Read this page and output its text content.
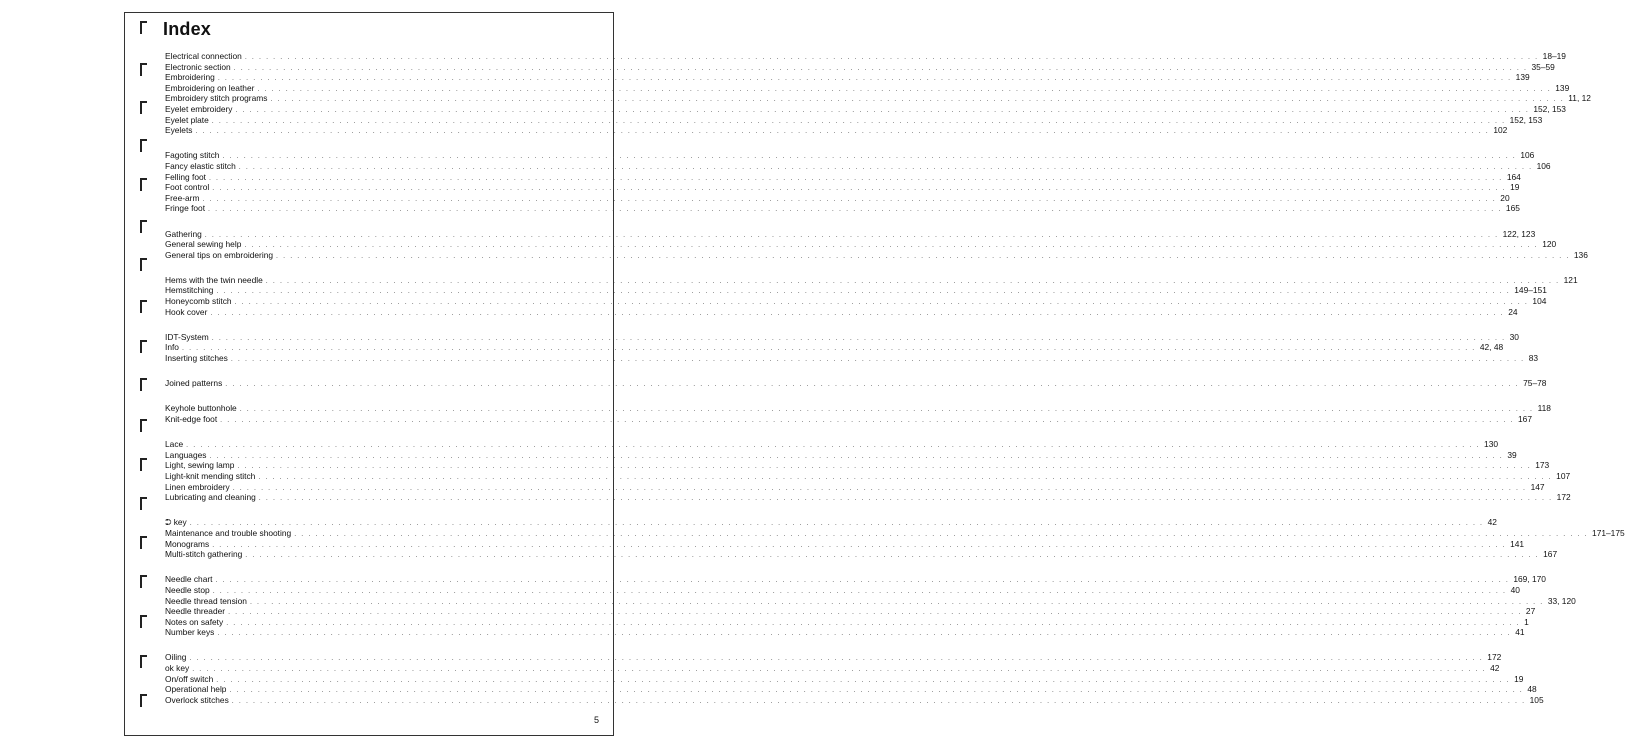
Index
Electrical connection . . . . . . . . . . . . . . . . . . . . . . . . . . . . . . . . . . . . . . . . . . . . . . . . . . . . . . . . . . . . . . . . . . . . . . . . . . . . . . . . . . . . . . . . . . . . . . . . . . . . . . . . . . . . . . . . . . . . . . . . . . . . . . . . . . . . . . . . . . . . . . . . . . . . . . . . . . . . . . . . . . . . . . . . . . . . . . . . . . . . . . . 18–19
Electronic section . . . . . . . . . . . . . . . . . . . . . . . . . . . . . . . . . . . . . . . . . . . . . . . . . . . . . . . . . . . . . . . . . . . . . . . . . . . . . . . . . . . . . . . . . . . . . . . . . . . . . . . . . . . . . . . . . . . . . . . . . . . . . . . . . . . . . . . . . . . . . . . . . . . . . . . . . . . . . . . . . . . . . . . . . . . . . . . . . . . . . . . 35–59
Embroidering . . . . . . . . . . . . . . . . . . . . . . . . . . . . . . . . . . . . . . . . . . . . . . . . . . . . . . . . . . . . . . . . . . . . . . . . . . . . . . . . . . . . . . . . . . . . . . . . . . . . . . . . . . . . . . . . . . . . . . . . . . . . . . . . . . . . . . . . . . . . . . . . . . . . . . . . . . . . . . . . . . . . . . . . . . . . . . . . . . . . . . . 139
Embroidering on leather . . . . . . . . . . . . . . . . . . . . . . . . . . . . . . . . . . . . . . . . . . . . . . . . . . . . . . . . . . . . . . . . . . . . . . . . . . . . . . . . . . . . . . . . . . . . . . . . . . . . . . . . . . . . . . . . . . . . . . . . . . . . . . . . . . . . . . . . . . . . . . . . . . . . . . . . . . . . . . . . . . . . . . . . . . . . . . . . . . . . . . . 139
Embroidery stitch programs . . . . . . . . . . . . . . . . . . . . . . . . . . . . . . . . . . . . . . . . . . . . . . . . . . . . . . . . . . . . . . . . . . . . . . . . . . . . . . . . . . . . . . . . . . . . . . . . . . . . . . . . . . . . . . . . . . . . . . . . . . . . . . . . . . . . . . . . . . . . . . . . . . . . . . . . . . . . . . . . . . . . . . . . . . . . . . . . . . . . . . . 11, 12
Eyelet embroidery . . . . . . . . . . . . . . . . . . . . . . . . . . . . . . . . . . . . . . . . . . . . . . . . . . . . . . . . . . . . . . . . . . . . . . . . . . . . . . . . . . . . . . . . . . . . . . . . . . . . . . . . . . . . . . . . . . . . . . . . . . . . . . . . . . . . . . . . . . . . . . . . . . . . . . . . . . . . . . . . . . . . . . . . . . . . . . . . . . . . . . . 152, 153
Eyelet plate . . . . . . . . . . . . . . . . . . . . . . . . . . . . . . . . . . . . . . . . . . . . . . . . . . . . . . . . . . . . . . . . . . . . . . . . . . . . . . . . . . . . . . . . . . . . . . . . . . . . . . . . . . . . . . . . . . . . . . . . . . . . . . . . . . . . . . . . . . . . . . . . . . . . . . . . . . . . . . . . . . . . . . . . . . . . . . . . . . . . . . . 152, 153
Eyelets . . . . . . . . . . . . . . . . . . . . . . . . . . . . . . . . . . . . . . . . . . . . . . . . . . . . . . . . . . . . . . . . . . . . . . . . . . . . . . . . . . . . . . . . . . . . . . . . . . . . . . . . . . . . . . . . . . . . . . . . . . . . . . . . . . . . . . . . . . . . . . . . . . . . . . . . . . . . . . . . . . . . . . . . . . . . . . . . . . . . . . . 102
Fagoting stitch . . . . . . . . . . . . . . . . . . . . . . . . . . . . . . . . . . . . . . . . . . . . . . . . . . . . . . . . . . . . . . . . . . . . . . . . . . . . . . . . . . . . . . . . . . . . . . . . . . . . . . . . . . . . . . . . . . . . . . . . . . . . . . . . . . . . . . . . . . . . . . . . . . . . . . . . . . . . . . . . . . . . . . . . . . . . . . . . . . . . . . . 106
Fancy elastic stitch . . . . . . . . . . . . . . . . . . . . . . . . . . . . . . . . . . . . . . . . . . . . . . . . . . . . . . . . . . . . . . . . . . . . . . . . . . . . . . . . . . . . . . . . . . . . . . . . . . . . . . . . . . . . . . . . . . . . . . . . . . . . . . . . . . . . . . . . . . . . . . . . . . . . . . . . . . . . . . . . . . . . . . . . . . . . . . . . . . . . . . . 106
Felling foot . . . . . . . . . . . . . . . . . . . . . . . . . . . . . . . . . . . . . . . . . . . . . . . . . . . . . . . . . . . . . . . . . . . . . . . . . . . . . . . . . . . . . . . . . . . . . . . . . . . . . . . . . . . . . . . . . . . . . . . . . . . . . . . . . . . . . . . . . . . . . . . . . . . . . . . . . . . . . . . . . . . . . . . . . . . . . . . . . . . . . . . 164
Foot control . . . . . . . . . . . . . . . . . . . . . . . . . . . . . . . . . . . . . . . . . . . . . . . . . . . . . . . . . . . . . . . . . . . . . . . . . . . . . . . . . . . . . . . . . . . . . . . . . . . . . . . . . . . . . . . . . . . . . . . . . . . . . . . . . . . . . . . . . . . . . . . . . . . . . . . . . . . . . . . . . . . . . . . . . . . . . . . . . . . . . . . 19
Free-arm . . . . . . . . . . . . . . . . . . . . . . . . . . . . . . . . . . . . . . . . . . . . . . . . . . . . . . . . . . . . . . . . . . . . . . . . . . . . . . . . . . . . . . . . . . . . . . . . . . . . . . . . . . . . . . . . . . . . . . . . . . . . . . . . . . . . . . . . . . . . . . . . . . . . . . . . . . . . . . . . . . . . . . . . . . . . . . . . . . . . . . . 20
Fringe foot . . . . . . . . . . . . . . . . . . . . . . . . . . . . . . . . . . . . . . . . . . . . . . . . . . . . . . . . . . . . . . . . . . . . . . . . . . . . . . . . . . . . . . . . . . . . . . . . . . . . . . . . . . . . . . . . . . . . . . . . . . . . . . . . . . . . . . . . . . . . . . . . . . . . . . . . . . . . . . . . . . . . . . . . . . . . . . . . . . . . . . . 165
Gathering . . . . . . . . . . . . . . . . . . . . . . . . . . . . . . . . . . . . . . . . . . . . . . . . . . . . . . . . . . . . . . . . . . . . . . . . . . . . . . . . . . . . . . . . . . . . . . . . . . . . . . . . . . . . . . . . . . . . . . . . . . . . . . . . . . . . . . . . . . . . . . . . . . . . . . . . . . . . . . . . . . . . . . . . . . . . . . . . . . . . . . . 122, 123
General sewing help . . . . . . . . . . . . . . . . . . . . . . . . . . . . . . . . . . . . . . . . . . . . . . . . . . . . . . . . . . . . . . . . . . . . . . . . . . . . . . . . . . . . . . . . . . . . . . . . . . . . . . . . . . . . . . . . . . . . . . . . . . . . . . . . . . . . . . . . . . . . . . . . . . . . . . . . . . . . . . . . . . . . . . . . . . . . . . . . . . . . . . . 120
General tips on embroidering . . . . . . . . . . . . . . . . . . . . . . . . . . . . . . . . . . . . . . . . . . . . . . . . . . . . . . . . . . . . . . . . . . . . . . . . . . . . . . . . . . . . . . . . . . . . . . . . . . . . . . . . . . . . . . . . . . . . . . . . . . . . . . . . . . . . . . . . . . . . . . . . . . . . . . . . . . . . . . . . . . . . . . . . . . . . . . . . . . . . . . . 136
Hems with the twin needle . . . . . . . . . . . . . . . . . . . . . . . . . . . . . . . . . . . . . . . . . . . . . . . . . . . . . . . . . . . . . . . . . . . . . . . . . . . . . . . . . . . . . . . . . . . . . . . . . . . . . . . . . . . . . . . . . . . . . . . . . . . . . . . . . . . . . . . . . . . . . . . . . . . . . . . . . . . . . . . . . . . . . . . . . . . . . . . . . . . . . . . 121
Hemstitching . . . . . . . . . . . . . . . . . . . . . . . . . . . . . . . . . . . . . . . . . . . . . . . . . . . . . . . . . . . . . . . . . . . . . . . . . . . . . . . . . . . . . . . . . . . . . . . . . . . . . . . . . . . . . . . . . . . . . . . . . . . . . . . . . . . . . . . . . . . . . . . . . . . . . . . . . . . . . . . . . . . . . . . . . . . . . . . . . . . . . . . 149–151
Honeycomb stitch . . . . . . . . . . . . . . . . . . . . . . . . . . . . . . . . . . . . . . . . . . . . . . . . . . . . . . . . . . . . . . . . . . . . . . . . . . . . . . . . . . . . . . . . . . . . . . . . . . . . . . . . . . . . . . . . . . . . . . . . . . . . . . . . . . . . . . . . . . . . . . . . . . . . . . . . . . . . . . . . . . . . . . . . . . . . . . . . . . . . . . . 104
Hook cover . . . . . . . . . . . . . . . . . . . . . . . . . . . . . . . . . . . . . . . . . . . . . . . . . . . . . . . . . . . . . . . . . . . . . . . . . . . . . . . . . . . . . . . . . . . . . . . . . . . . . . . . . . . . . . . . . . . . . . . . . . . . . . . . . . . . . . . . . . . . . . . . . . . . . . . . . . . . . . . . . . . . . . . . . . . . . . . . . . . . . . . 24
IDT-System . . . . . . . . . . . . . . . . . . . . . . . . . . . . . . . . . . . . . . . . . . . . . . . . . . . . . . . . . . . . . . . . . . . . . . . . . . . . . . . . . . . . . . . . . . . . . . . . . . . . . . . . . . . . . . . . . . . . . . . . . . . . . . . . . . . . . . . . . . . . . . . . . . . . . . . . . . . . . . . . . . . . . . . . . . . . . . . . . . . . . . . 30
Info . . . . . . . . . . . . . . . . . . . . . . . . . . . . . . . . . . . . . . . . . . . . . . . . . . . . . . . . . . . . . . . . . . . . . . . . . . . . . . . . . . . . . . . . . . . . . . . . . . . . . . . . . . . . . . . . . . . . . . . . . . . . . . . . . . . . . . . . . . . . . . . . . . . . . . . . . . . . . . . . . . . . . . . . . . . . . . . . . . . . . . . 42, 48
Inserting stitches . . . . . . . . . . . . . . . . . . . . . . . . . . . . . . . . . . . . . . . . . . . . . . . . . . . . . . . . . . . . . . . . . . . . . . . . . . . . . . . . . . . . . . . . . . . . . . . . . . . . . . . . . . . . . . . . . . . . . . . . . . . . . . . . . . . . . . . . . . . . . . . . . . . . . . . . . . . . . . . . . . . . . . . . . . . . . . . . . . . . . . . 83
Joined patterns . . . . . . . . . . . . . . . . . . . . . . . . . . . . . . . . . . . . . . . . . . . . . . . . . . . . . . . . . . . . . . . . . . . . . . . . . . . . . . . . . . . . . . . . . . . . . . . . . . . . . . . . . . . . . . . . . . . . . . . . . . . . . . . . . . . . . . . . . . . . . . . . . . . . . . . . . . . . . . . . . . . . . . . . . . . . . . . . . . . . . . . 75–78
Keyhole buttonhole . . . . . . . . . . . . . . . . . . . . . . . . . . . . . . . . . . . . . . . . . . . . . . . . . . . . . . . . . . . . . . . . . . . . . . . . . . . . . . . . . . . . . . . . . . . . . . . . . . . . . . . . . . . . . . . . . . . . . . . . . . . . . . . . . . . . . . . . . . . . . . . . . . . . . . . . . . . . . . . . . . . . . . . . . . . . . . . . . . . . . . . 118
Knit-edge foot . . . . . . . . . . . . . . . . . . . . . . . . . . . . . . . . . . . . . . . . . . . . . . . . . . . . . . . . . . . . . . . . . . . . . . . . . . . . . . . . . . . . . . . . . . . . . . . . . . . . . . . . . . . . . . . . . . . . . . . . . . . . . . . . . . . . . . . . . . . . . . . . . . . . . . . . . . . . . . . . . . . . . . . . . . . . . . . . . . . . . . . 167
Lace . . . . . . . . . . . . . . . . . . . . . . . . . . . . . . . . . . . . . . . . . . . . . . . . . . . . . . . . . . . . . . . . . . . . . . . . . . . . . . . . . . . . . . . . . . . . . . . . . . . . . . . . . . . . . . . . . . . . . . . . . . . . . . . . . . . . . . . . . . . . . . . . . . . . . . . . . . . . . . . . . . . . . . . . . . . . . . . . . . . . . . . 130
Languages . . . . . . . . . . . . . . . . . . . . . . . . . . . . . . . . . . . . . . . . . . . . . . . . . . . . . . . . . . . . . . . . . . . . . . . . . . . . . . . . . . . . . . . . . . . . . . . . . . . . . . . . . . . . . . . . . . . . . . . . . . . . . . . . . . . . . . . . . . . . . . . . . . . . . . . . . . . . . . . . . . . . . . . . . . . . . . . . . . . . . . . 39
Light, sewing lamp . . . . . . . . . . . . . . . . . . . . . . . . . . . . . . . . . . . . . . . . . . . . . . . . . . . . . . . . . . . . . . . . . . . . . . . . . . . . . . . . . . . . . . . . . . . . . . . . . . . . . . . . . . . . . . . . . . . . . . . . . . . . . . . . . . . . . . . . . . . . . . . . . . . . . . . . . . . . . . . . . . . . . . . . . . . . . . . . . . . . . . . 173
Light-knit mending stitch . . . . . . . . . . . . . . . . . . . . . . . . . . . . . . . . . . . . . . . . . . . . . . . . . . . . . . . . . . . . . . . . . . . . . . . . . . . . . . . . . . . . . . . . . . . . . . . . . . . . . . . . . . . . . . . . . . . . . . . . . . . . . . . . . . . . . . . . . . . . . . . . . . . . . . . . . . . . . . . . . . . . . . . . . . . . . . . . . . . . . . . 107
Linen embroidery . . . . . . . . . . . . . . . . . . . . . . . . . . . . . . . . . . . . . . . . . . . . . . . . . . . . . . . . . . . . . . . . . . . . . . . . . . . . . . . . . . . . . . . . . . . . . . . . . . . . . . . . . . . . . . . . . . . . . . . . . . . . . . . . . . . . . . . . . . . . . . . . . . . . . . . . . . . . . . . . . . . . . . . . . . . . . . . . . . . . . . . 147
Lubricating and cleaning . . . . . . . . . . . . . . . . . . . . . . . . . . . . . . . . . . . . . . . . . . . . . . . . . . . . . . . . . . . . . . . . . . . . . . . . . . . . . . . . . . . . . . . . . . . . . . . . . . . . . . . . . . . . . . . . . . . . . . . . . . . . . . . . . . . . . . . . . . . . . . . . . . . . . . . . . . . . . . . . . . . . . . . . . . . . . . . . . . . . . . . 172
⮊ key . . . . . . . . . . . . . . . . . . . . . . . . . . . . . . . . . . . . . . . . . . . . . . . . . . . . . . . . . . . . . . . . . . . . . . . . . . . . . . . . . . . . . . . . . . . . . . . . . . . . . . . . . . . . . . . . . . . . . . . . . . . . . . . . . . . . . . . . . . . . . . . . . . . . . . . . . . . . . . . . . . . . . . . . . . . . . . . . . . . . . . . 42
Maintenance and trouble shooting . . . . . . . . . . . . . . . . . . . . . . . . . . . . . . . . . . . . . . . . . . . . . . . . . . . . . . . . . . . . . . . . . . . . . . . . . . . . . . . . . . . . . . . . . . . . . . . . . . . . . . . . . . . . . . . . . . . . . . . . . . . . . . . . . . . . . . . . . . . . . . . . . . . . . . . . . . . . . . . . . . . . . . . . . . . . . . . . . . . . . . . 171–175
Monograms . . . . . . . . . . . . . . . . . . . . . . . . . . . . . . . . . . . . . . . . . . . . . . . . . . . . . . . . . . . . . . . . . . . . . . . . . . . . . . . . . . . . . . . . . . . . . . . . . . . . . . . . . . . . . . . . . . . . . . . . . . . . . . . . . . . . . . . . . . . . . . . . . . . . . . . . . . . . . . . . . . . . . . . . . . . . . . . . . . . . . . . 141
Multi-stitch gathering . . . . . . . . . . . . . . . . . . . . . . . . . . . . . . . . . . . . . . . . . . . . . . . . . . . . . . . . . . . . . . . . . . . . . . . . . . . . . . . . . . . . . . . . . . . . . . . . . . . . . . . . . . . . . . . . . . . . . . . . . . . . . . . . . . . . . . . . . . . . . . . . . . . . . . . . . . . . . . . . . . . . . . . . . . . . . . . . . . . . . . . 167
Needle chart . . . . . . . . . . . . . . . . . . . . . . . . . . . . . . . . . . . . . . . . . . . . . . . . . . . . . . . . . . . . . . . . . . . . . . . . . . . . . . . . . . . . . . . . . . . . . . . . . . . . . . . . . . . . . . . . . . . . . . . . . . . . . . . . . . . . . . . . . . . . . . . . . . . . . . . . . . . . . . . . . . . . . . . . . . . . . . . . . . . . . . . 169, 170
Needle stop . . . . . . . . . . . . . . . . . . . . . . . . . . . . . . . . . . . . . . . . . . . . . . . . . . . . . . . . . . . . . . . . . . . . . . . . . . . . . . . . . . . . . . . . . . . . . . . . . . . . . . . . . . . . . . . . . . . . . . . . . . . . . . . . . . . . . . . . . . . . . . . . . . . . . . . . . . . . . . . . . . . . . . . . . . . . . . . . . . . . . . . 40
Needle thread tension . . . . . . . . . . . . . . . . . . . . . . . . . . . . . . . . . . . . . . . . . . . . . . . . . . . . . . . . . . . . . . . . . . . . . . . . . . . . . . . . . . . . . . . . . . . . . . . . . . . . . . . . . . . . . . . . . . . . . . . . . . . . . . . . . . . . . . . . . . . . . . . . . . . . . . . . . . . . . . . . . . . . . . . . . . . . . . . . . . . . . . . 33, 120
Needle threader . . . . . . . . . . . . . . . . . . . . . . . . . . . . . . . . . . . . . . . . . . . . . . . . . . . . . . . . . . . . . . . . . . . . . . . . . . . . . . . . . . . . . . . . . . . . . . . . . . . . . . . . . . . . . . . . . . . . . . . . . . . . . . . . . . . . . . . . . . . . . . . . . . . . . . . . . . . . . . . . . . . . . . . . . . . . . . . . . . . . . . . 27
Notes on safety . . . . . . . . . . . . . . . . . . . . . . . . . . . . . . . . . . . . . . . . . . . . . . . . . . . . . . . . . . . . . . . . . . . . . . . . . . . . . . . . . . . . . . . . . . . . . . . . . . . . . . . . . . . . . . . . . . . . . . . . . . . . . . . . . . . . . . . . . . . . . . . . . . . . . . . . . . . . . . . . . . . . . . . . . . . . . . . . . . . . . . . 1
Number keys . . . . . . . . . . . . . . . . . . . . . . . . . . . . . . . . . . . . . . . . . . . . . . . . . . . . . . . . . . . . . . . . . . . . . . . . . . . . . . . . . . . . . . . . . . . . . . . . . . . . . . . . . . . . . . . . . . . . . . . . . . . . . . . . . . . . . . . . . . . . . . . . . . . . . . . . . . . . . . . . . . . . . . . . . . . . . . . . . . . . . . . 41
Oiling . . . . . . . . . . . . . . . . . . . . . . . . . . . . . . . . . . . . . . . . . . . . . . . . . . . . . . . . . . . . . . . . . . . . . . . . . . . . . . . . . . . . . . . . . . . . . . . . . . . . . . . . . . . . . . . . . . . . . . . . . . . . . . . . . . . . . . . . . . . . . . . . . . . . . . . . . . . . . . . . . . . . . . . . . . . . . . . . . . . . . . . 172
ok key . . . . . . . . . . . . . . . . . . . . . . . . . . . . . . . . . . . . . . . . . . . . . . . . . . . . . . . . . . . . . . . . . . . . . . . . . . . . . . . . . . . . . . . . . . . . . . . . . . . . . . . . . . . . . . . . . . . . . . . . . . . . . . . . . . . . . . . . . . . . . . . . . . . . . . . . . . . . . . . . . . . . . . . . . . . . . . . . . . . . . . . 42
On/off switch . . . . . . . . . . . . . . . . . . . . . . . . . . . . . . . . . . . . . . . . . . . . . . . . . . . . . . . . . . . . . . . . . . . . . . . . . . . . . . . . . . . . . . . . . . . . . . . . . . . . . . . . . . . . . . . . . . . . . . . . . . . . . . . . . . . . . . . . . . . . . . . . . . . . . . . . . . . . . . . . . . . . . . . . . . . . . . . . . . . . . . . 19
Operational help . . . . . . . . . . . . . . . . . . . . . . . . . . . . . . . . . . . . . . . . . . . . . . . . . . . . . . . . . . . . . . . . . . . . . . . . . . . . . . . . . . . . . . . . . . . . . . . . . . . . . . . . . . . . . . . . . . . . . . . . . . . . . . . . . . . . . . . . . . . . . . . . . . . . . . . . . . . . . . . . . . . . . . . . . . . . . . . . . . . . . . . 48
Overlock stitches . . . . . . . . . . . . . . . . . . . . . . . . . . . . . . . . . . . . . . . . . . . . . . . . . . . . . . . . . . . . . . . . . . . . . . . . . . . . . . . . . . . . . . . . . . . . . . . . . . . . . . . . . . . . . . . . . . . . . . . . . . . . . . . . . . . . . . . . . . . . . . . . . . . . . . . . . . . . . . . . . . . . . . . . . . . . . . . . . . . . . . . 105
5
